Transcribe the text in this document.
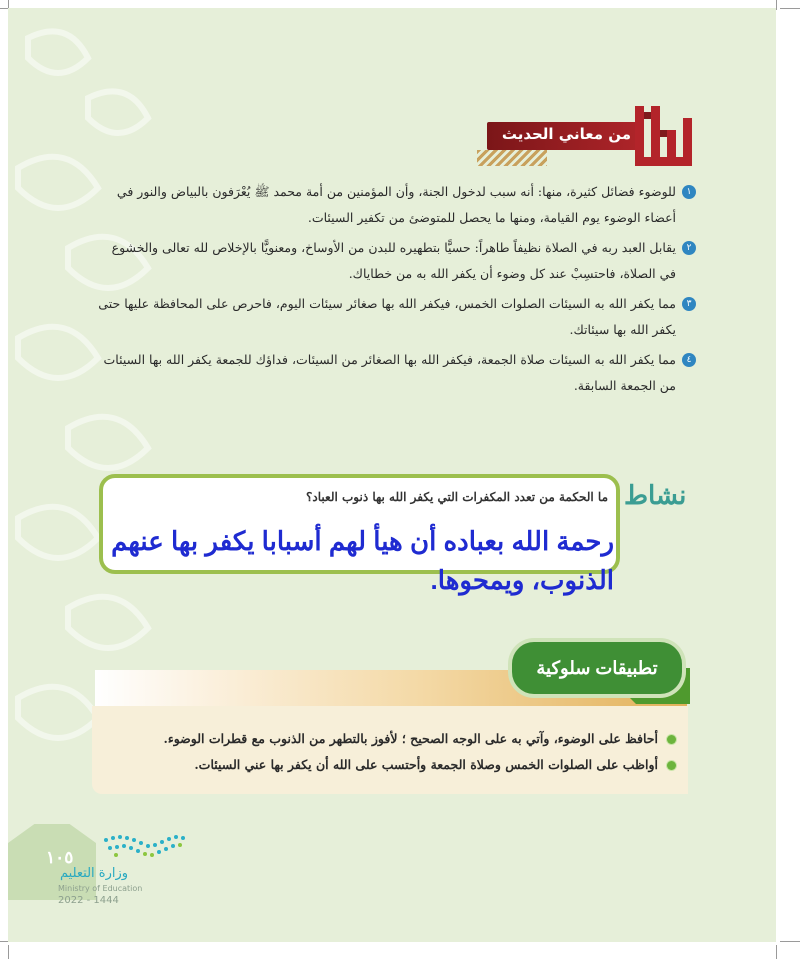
من معاني الحديث
١
للوضوء فضائل كثيرة، منها: أنه سبب لدخول الجنة، وأن المؤمنين من أمة محمد ﷺ يُعْرَفون بالبياض والنور في أعضاء الوضوء يوم القيامة، ومنها ما يحصل للمتوضئ من تكفير السيئات.
٢
يقابل العبد ربه في الصلاة نظيفاً طاهراً: حسيًّا بتطهيره للبدن من الأوساخ، ومعنويًّا بالإخلاص لله تعالى والخشوع في الصلاة، فاحتسِبْ عند كل وضوء أن يكفر الله به من خطاياك.
٣
مما يكفر الله به السيئات الصلوات الخمس، فيكفر الله بها صغائر سيئات اليوم، فاحرص على المحافظة عليها حتى يكفر الله بها سيئاتك.
٤
مما يكفر الله به السيئات صلاة الجمعة، فيكفر الله بها الصغائر من السيئات، فداؤك للجمعة يكفر الله بها السيئات من الجمعة السابقة.
نشاط
ما الحكمة من تعدد المكفرات التي يكفر الله بها ذنوب العباد؟
رحمة الله بعباده أن هيأ لهم أسبابا يكفر بها عنهم
الذنوب، ويمحوها.
تطبيقات سلوكية
أحافظ على الوضوء، وآتي به على الوجه الصحيح ؛ لأفوز بالتطهر من الذنوب مع قطرات الوضوء.
أواظب على الصلوات الخمس وصلاة الجمعة وأحتسب على الله أن يكفر بها عني السيئات.
١٠٥
وزارة التعليم
Ministry of Education
2022 - 1444
